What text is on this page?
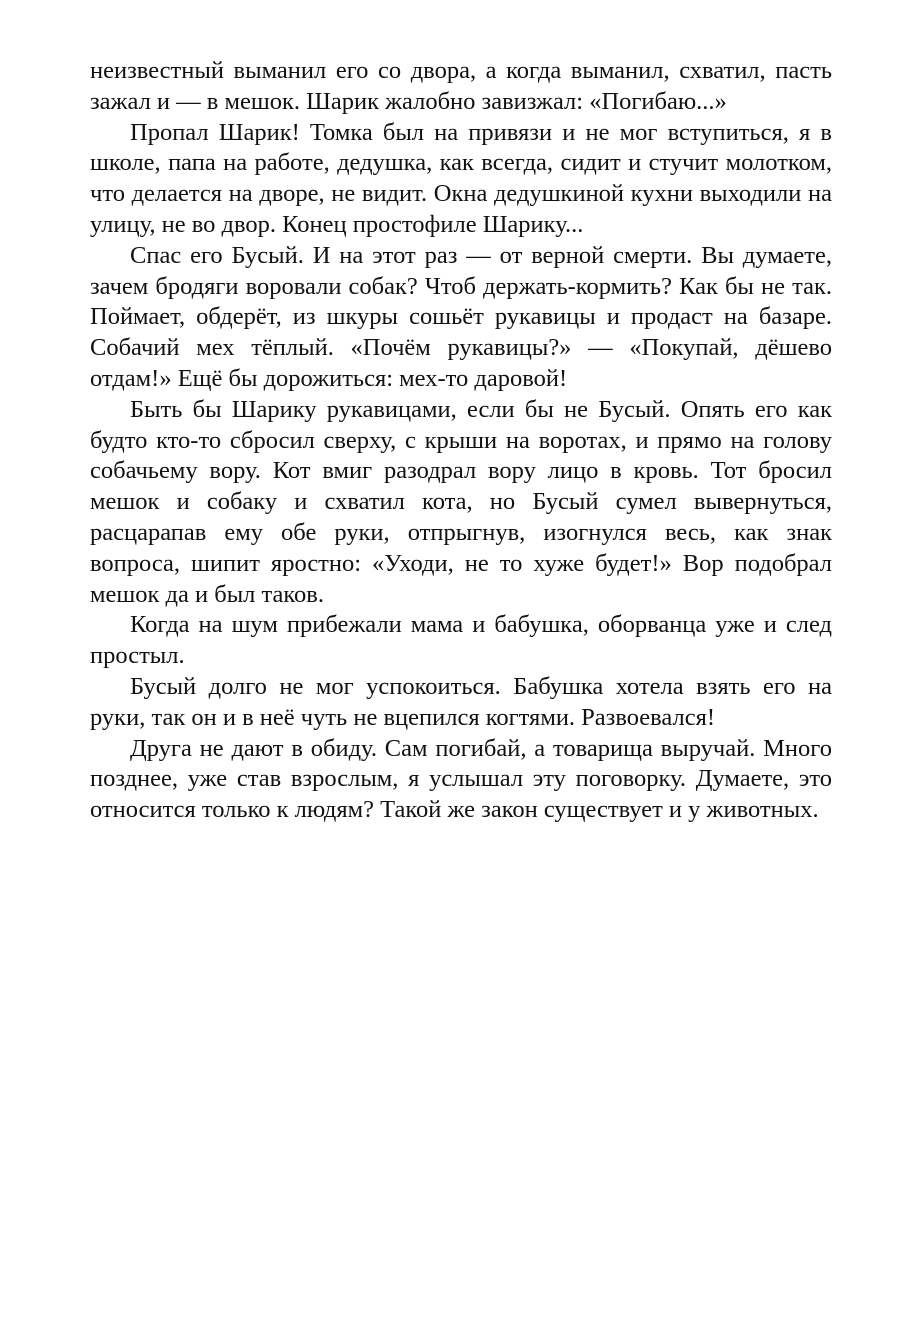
неизвестный выманил его со двора, а когда выманил, схватил, пасть зажал и — в мешок. Шарик жалобно завизжал: «Погибаю...»

Пропал Шарик! Томка был на привязи и не мог вступиться, я в школе, папа на работе, дедушка, как всегда, сидит и стучит молотком, что делается на дворе, не видит. Окна дедушкиной кухни выходили на улицу, не во двор. Конец простофиле Шарику...

Спас его Бусый. И на этот раз — от верной смерти. Вы думаете, зачем бродяги воровали собак? Чтоб держать-кормить? Как бы не так. Поймает, обдерёт, из шкуры сошьёт рукавицы и продаст на базаре. Собачий мех тёплый. «Почём рукавицы?» — «Покупай, дёшево отдам!» Ещё бы дорожиться: мех-то даровой!

Быть бы Шарику рукавицами, если бы не Бусый. Опять его как будто кто-то сбросил сверху, с крыши на воротах, и прямо на голову собачьему вору. Кот вмиг разодрал вору лицо в кровь. Тот бросил мешок и собаку и схватил кота, но Бусый сумел вывернуться, расцарапав ему обе руки, отпрыгнув, изогнулся весь, как знак вопроса, шипит яростно: «Уходи, не то хуже будет!» Вор подобрал мешок да и был таков.

Когда на шум прибежали мама и бабушка, оборванца уже и след простыл.

Бусый долго не мог успокоиться. Бабушка хотела взять его на руки, так он и в неё чуть не вцепился когтями. Развоевался!

Друга не дают в обиду. Сам погибай, а товарища выручай. Много позднее, уже став взрослым, я услышал эту поговорку. Думаете, это относится только к людям? Такой же закон существует и у животных.
